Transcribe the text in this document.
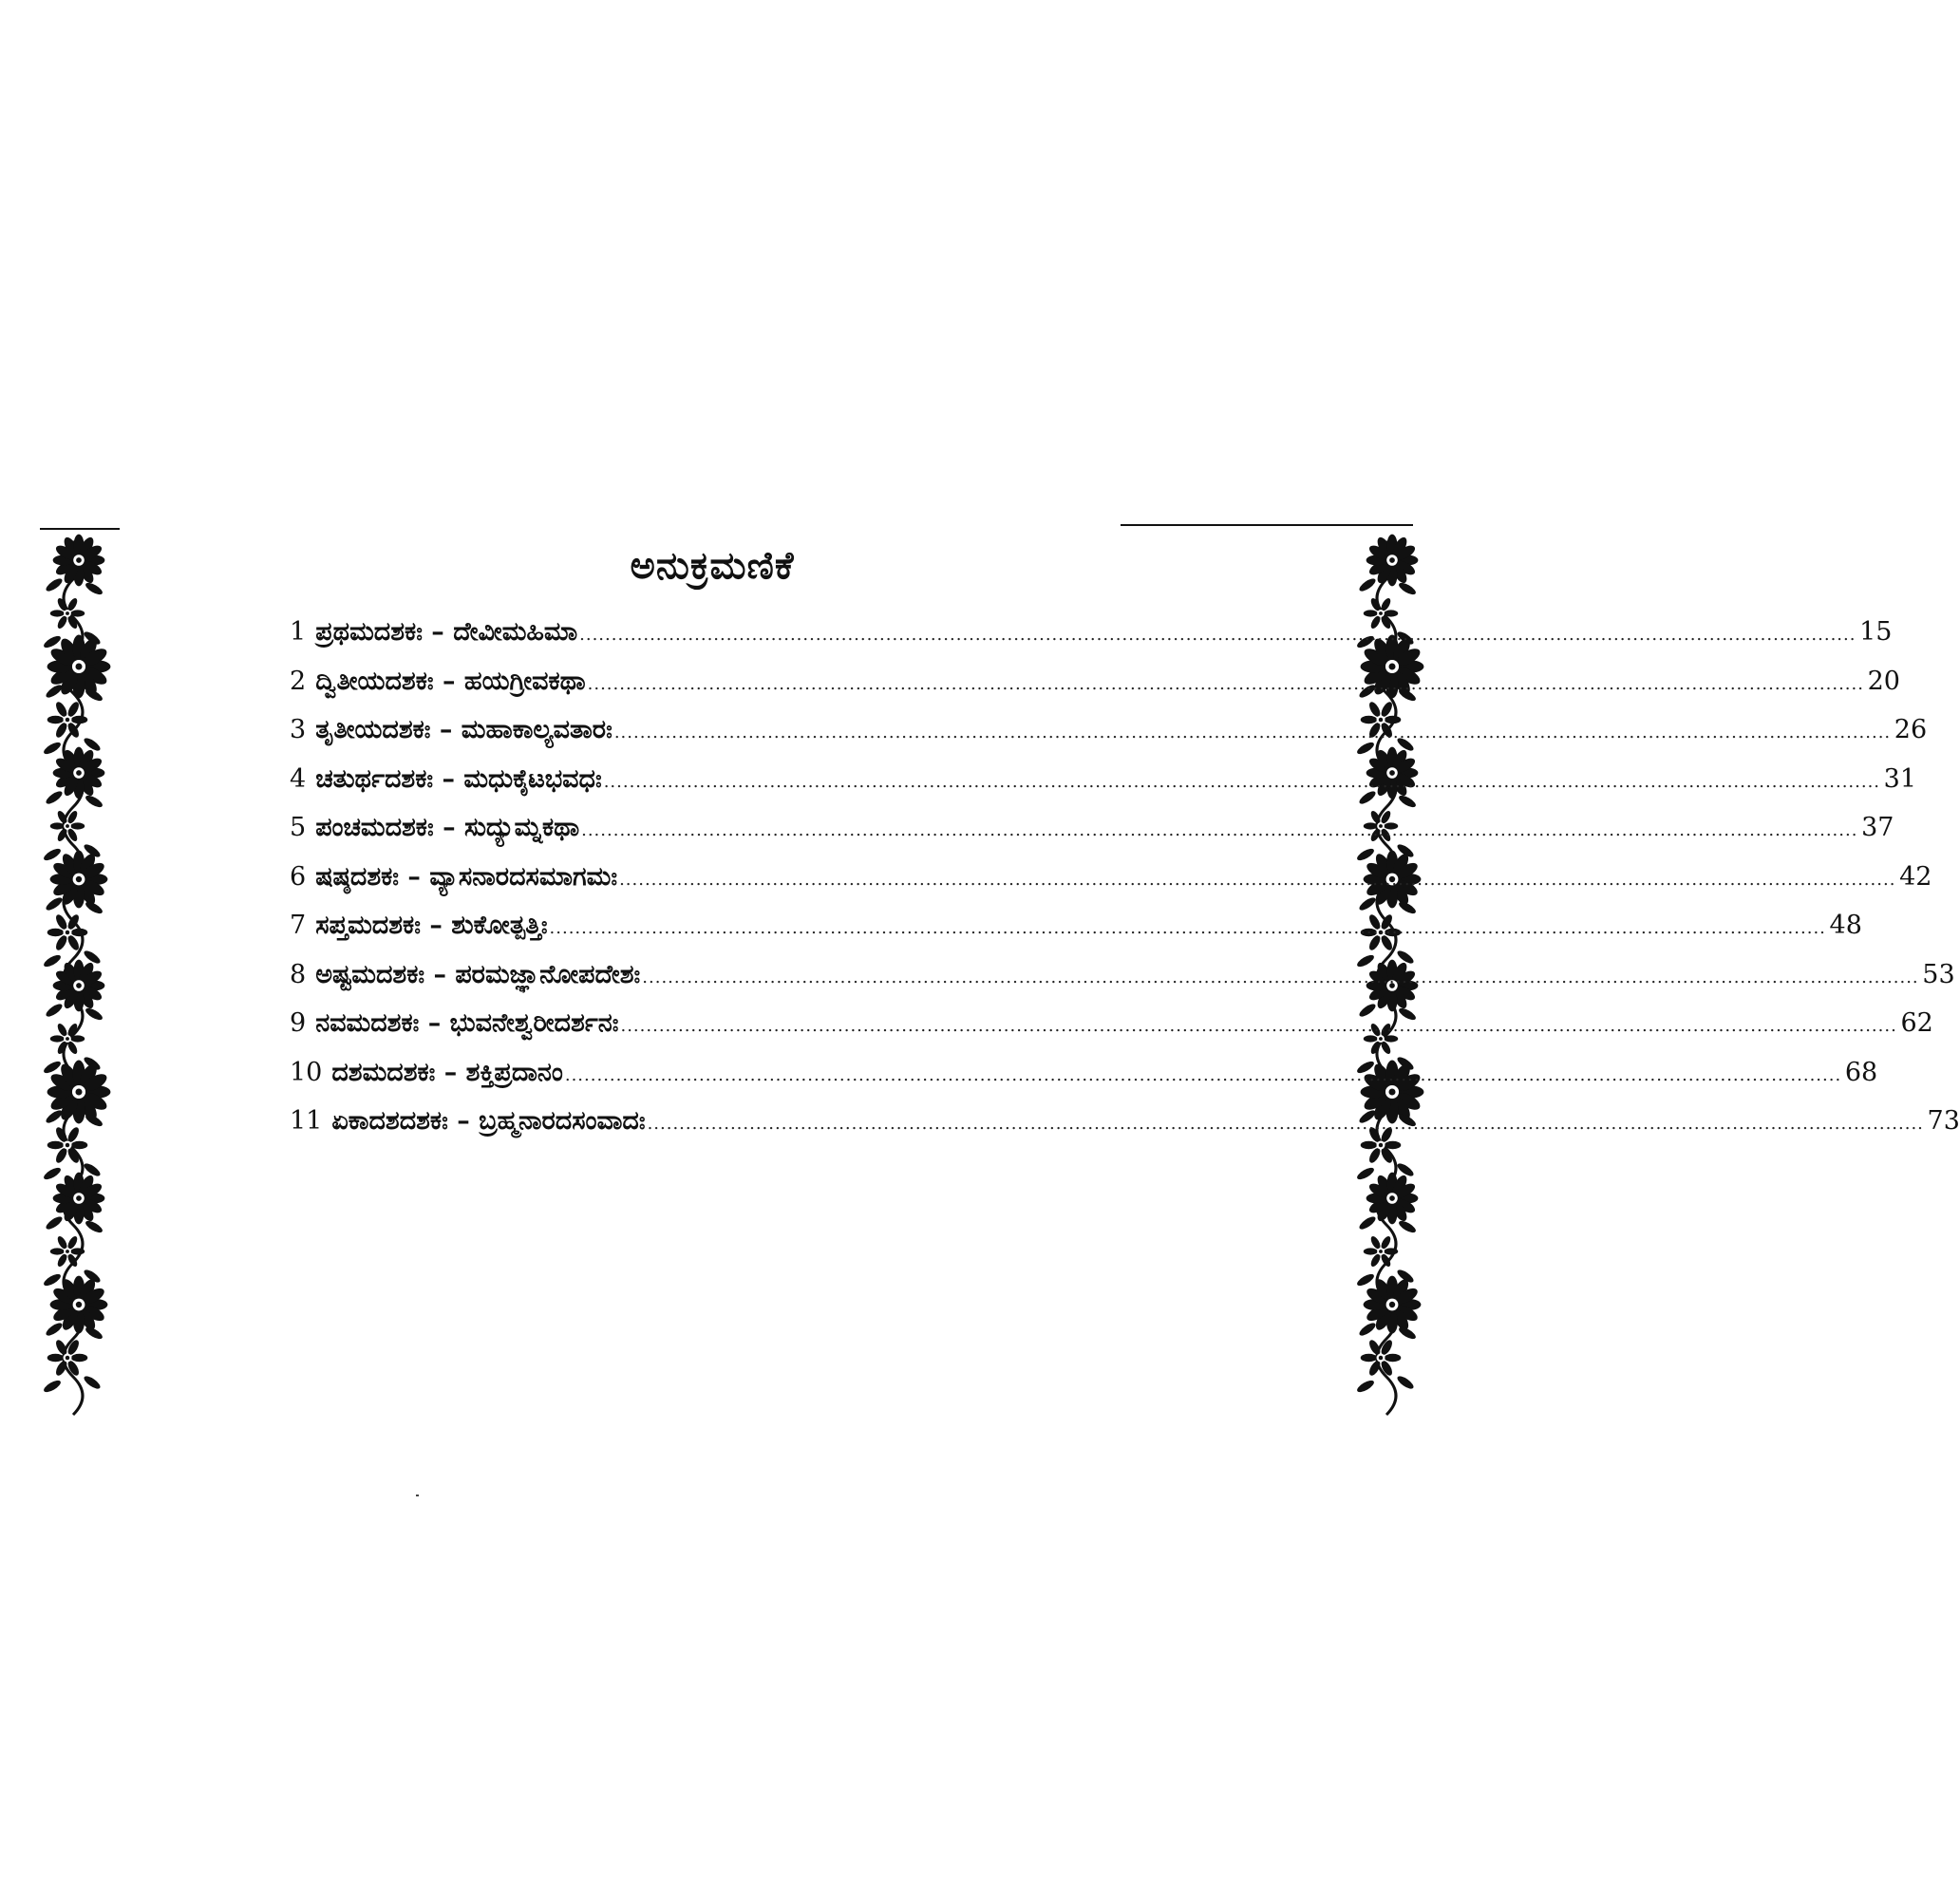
ಅನುಕ್ರಮಣಿಕೆ
1 ಪ್ರಥಮದಶಕಃ – ದೇವೀಮಹಿಮಾ ........................................................................................................................................................................................................ 15
2 ದ್ವಿತೀಯದಶಕಃ – ಹಯಗ್ರೀವಕಥಾ ........................................................................................................................................................................................................ 20
3 ತೃತೀಯದಶಕಃ – ಮಹಾಕಾಲ್ಯವತಾರಃ ........................................................................................................................................................................................................ 26
4 ಚತುರ್ಥದಶಕಃ – ಮಧುಕೈಟಭವಧಃ ........................................................................................................................................................................................................ 31
5 ಪಂಚಮದಶಕಃ – ಸುದ್ಯುಮ್ನಕಥಾ ........................................................................................................................................................................................................ 37
6 ಷಷ್ಠದಶಕಃ – ವ್ಯಾಸನಾರದಸಮಾಗಮಃ ........................................................................................................................................................................................................ 42
7 ಸಪ್ತಮದಶಕಃ – ಶುಕೋತ್ಪತ್ತಿಃ ........................................................................................................................................................................................................ 48
8 ಅಷ್ಟಮದಶಕಃ – ಪರಮಜ್ಞಾನೋಪದೇಶಃ ........................................................................................................................................................................................................ 53
9 ನವಮದಶಕಃ – ಭುವನೇಶ್ವರೀದರ್ಶನಃ ........................................................................................................................................................................................................ 62
10 ದಶಮದಶಕಃ – ಶಕ್ತಿಪ್ರದಾನಂ ........................................................................................................................................................................................................ 68
11 ಏಕಾದಶದಶಕಃ – ಬ್ರಹ್ಮನಾರದಸಂವಾದಃ ........................................................................................................................................................................................................ 73
